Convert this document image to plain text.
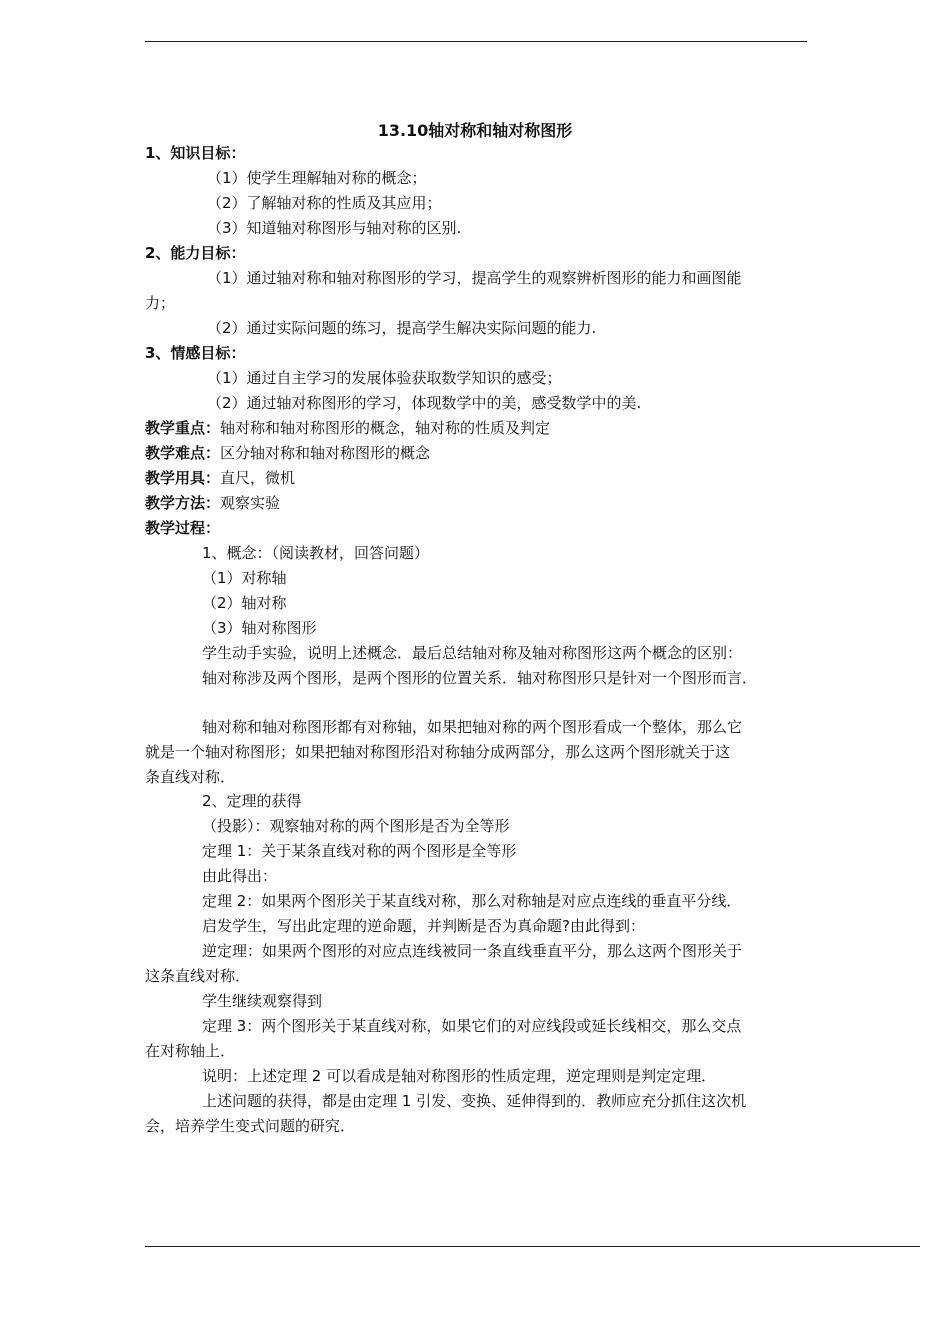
13.10轴对称和轴对称图形
1、知识目标：
（1）使学生理解轴对称的概念；
（2）了解轴对称的性质及其应用；
（3）知道轴对称图形与轴对称的区别.
2、能力目标：
（1）通过轴对称和轴对称图形的学习，提高学生的观察辨析图形的能力和画图能
力；
（2）通过实际问题的练习，提高学生解决实际问题的能力.
3、情感目标：
（1）通过自主学习的发展体验获取数学知识的感受；
（2）通过轴对称图形的学习，体现数学中的美，感受数学中的美.
教学重点：轴对称和轴对称图形的概念，轴对称的性质及判定
教学难点：区分轴对称和轴对称图形的概念
教学用具：直尺，微机
教学方法：观察实验
教学过程：
1、概念：（阅读教材，回答问题）
（1）对称轴
（2）轴对称
（3）轴对称图形
学生动手实验，说明上述概念．最后总结轴对称及轴对称图形这两个概念的区别：
轴对称涉及两个图形，是两个图形的位置关系．轴对称图形只是针对一个图形而言．
轴对称和轴对称图形都有对称轴，如果把轴对称的两个图形看成一个整体，那么它
就是一个轴对称图形；如果把轴对称图形沿对称轴分成两部分，那么这两个图形就关于这
条直线对称．
2、定理的获得
（投影）：观察轴对称的两个图形是否为全等形
定理 1：关于某条直线对称的两个图形是全等形
由此得出：
定理 2：如果两个图形关于某直线对称，那么对称轴是对应点连线的垂直平分线．
启发学生，写出此定理的逆命题，并判断是否为真命题?由此得到：
逆定理：如果两个图形的对应点连线被同一条直线垂直平分，那么这两个图形关于
这条直线对称．
学生继续观察得到
定理 3：两个图形关于某直线对称，如果它们的对应线段或延长线相交，那么交点
在对称轴上．
说明：上述定理 2 可以看成是轴对称图形的性质定理，逆定理则是判定定理．
上述问题的获得，都是由定理 1 引发、变换、延伸得到的．教师应充分抓住这次机
会，培养学生变式问题的研究．
